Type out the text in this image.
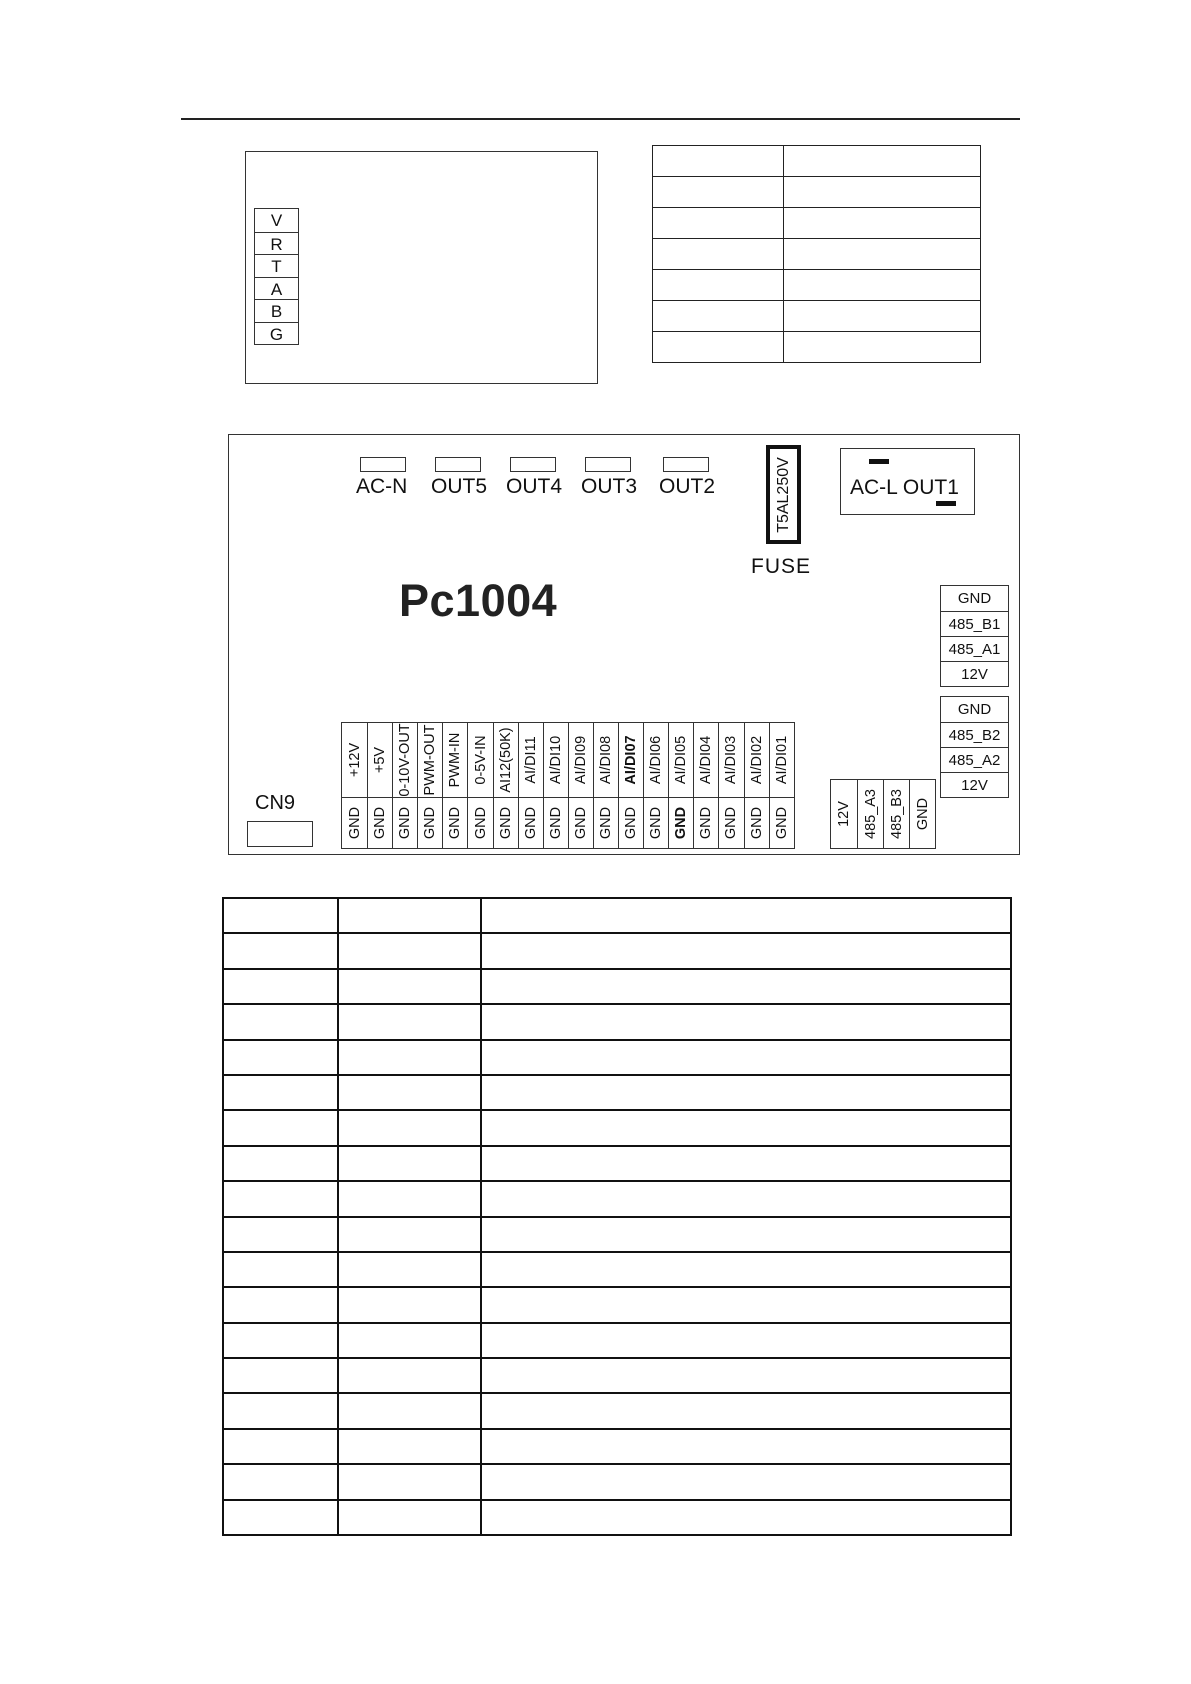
V
R
T
A
B
G

AC-N OUT5 OUT4 OUT3 OUT2	T5AL250V
FUSE
AC-L OUT1
Pc1004	GND
485_B1
485_A1
12V
GND
485_B2
485_A2
12V
+12V
GND
+5V
GND
0-10V-OUT
GND
PWM-OUT
GND
PWM-IN
GND
0-5V-IN
GND
AI12(50K)
GND
AI/DI11
GND
AI/DI10
GND
AI/DI09
GND
AI/DI08
GND
AI/DI07
GND
AI/DI06
GND
AI/DI05
GND
AI/DI04
GND
AI/DI03
GND
AI/DI02
GND
AI/DI01
GND	12V 485_A3 485_B3 GND
CN9
